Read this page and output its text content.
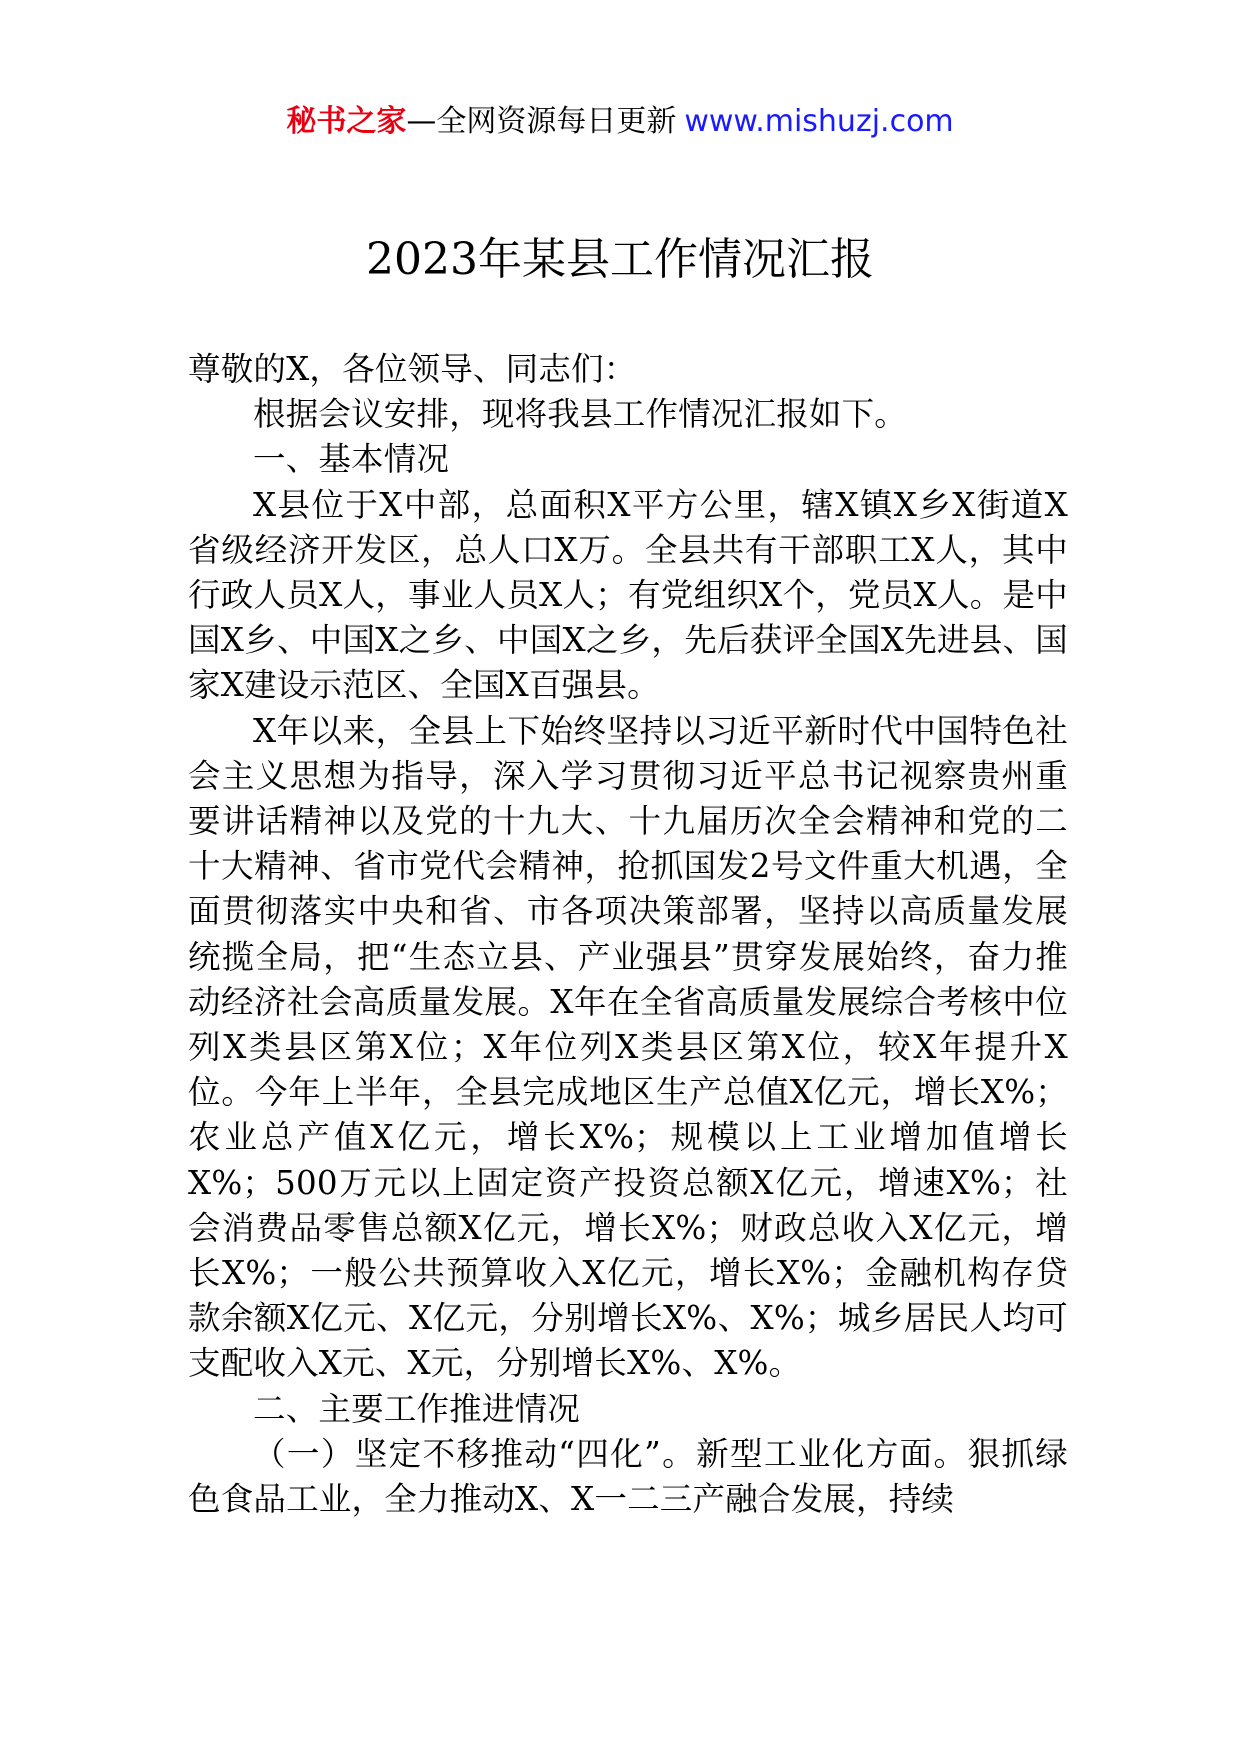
秘书之家—全网资源每日更新 www.mishuzj.com
2023年某县工作情况汇报

尊敬的X，各位领导、同志们：

根据会议安排，现将我县工作情况汇报如下。

一、基本情况

X县位于X中部，总面积X平方公里，辖X镇X乡X街道X省级经济开发区，总人口X万。全县共有干部职工X人，其中行政人员X人，事业人员X人；有党组织X个，党员X人。是中国X乡、中国X之乡、中国X之乡，先后获评全国X先进县、国家X建设示范区、全国X百强县。

X年以来，全县上下始终坚持以习近平新时代中国特色社会主义思想为指导，深入学习贯彻习近平总书记视察贵州重要讲话精神以及党的十九大、十九届历次全会精神和党的二十大精神、省市党代会精神，抢抓国发2号文件重大机遇，全面贯彻落实中央和省、市各项决策部署，坚持以高质量发展统揽全局，把“生态立县、产业强县”贯穿发展始终，奋力推动经济社会高质量发展。X年在全省高质量发展综合考核中位列X类县区第X位；X年位列X类县区第X位，较X年提升X位。今年上半年，全县完成地区生产总值X亿元，增长X%；农业总产值X亿元，增长X%；规模以上工业增加值增长X%；500万元以上固定资产投资总额X亿元，增速X%；社会消费品零售总额X亿元，增长X%；财政总收入X亿元，增长X%；一般公共预算收入X亿元，增长X%；金融机构存贷款余额X亿元、X亿元，分别增长X%、X%；城乡居民人均可支配收入X元、X元，分别增长X%、X%。

二、主要工作推进情况

（一）坚定不移推动“四化”。新型工业化方面。狠抓绿色食品工业，全力推动X、X一二三产融合发展，持续
